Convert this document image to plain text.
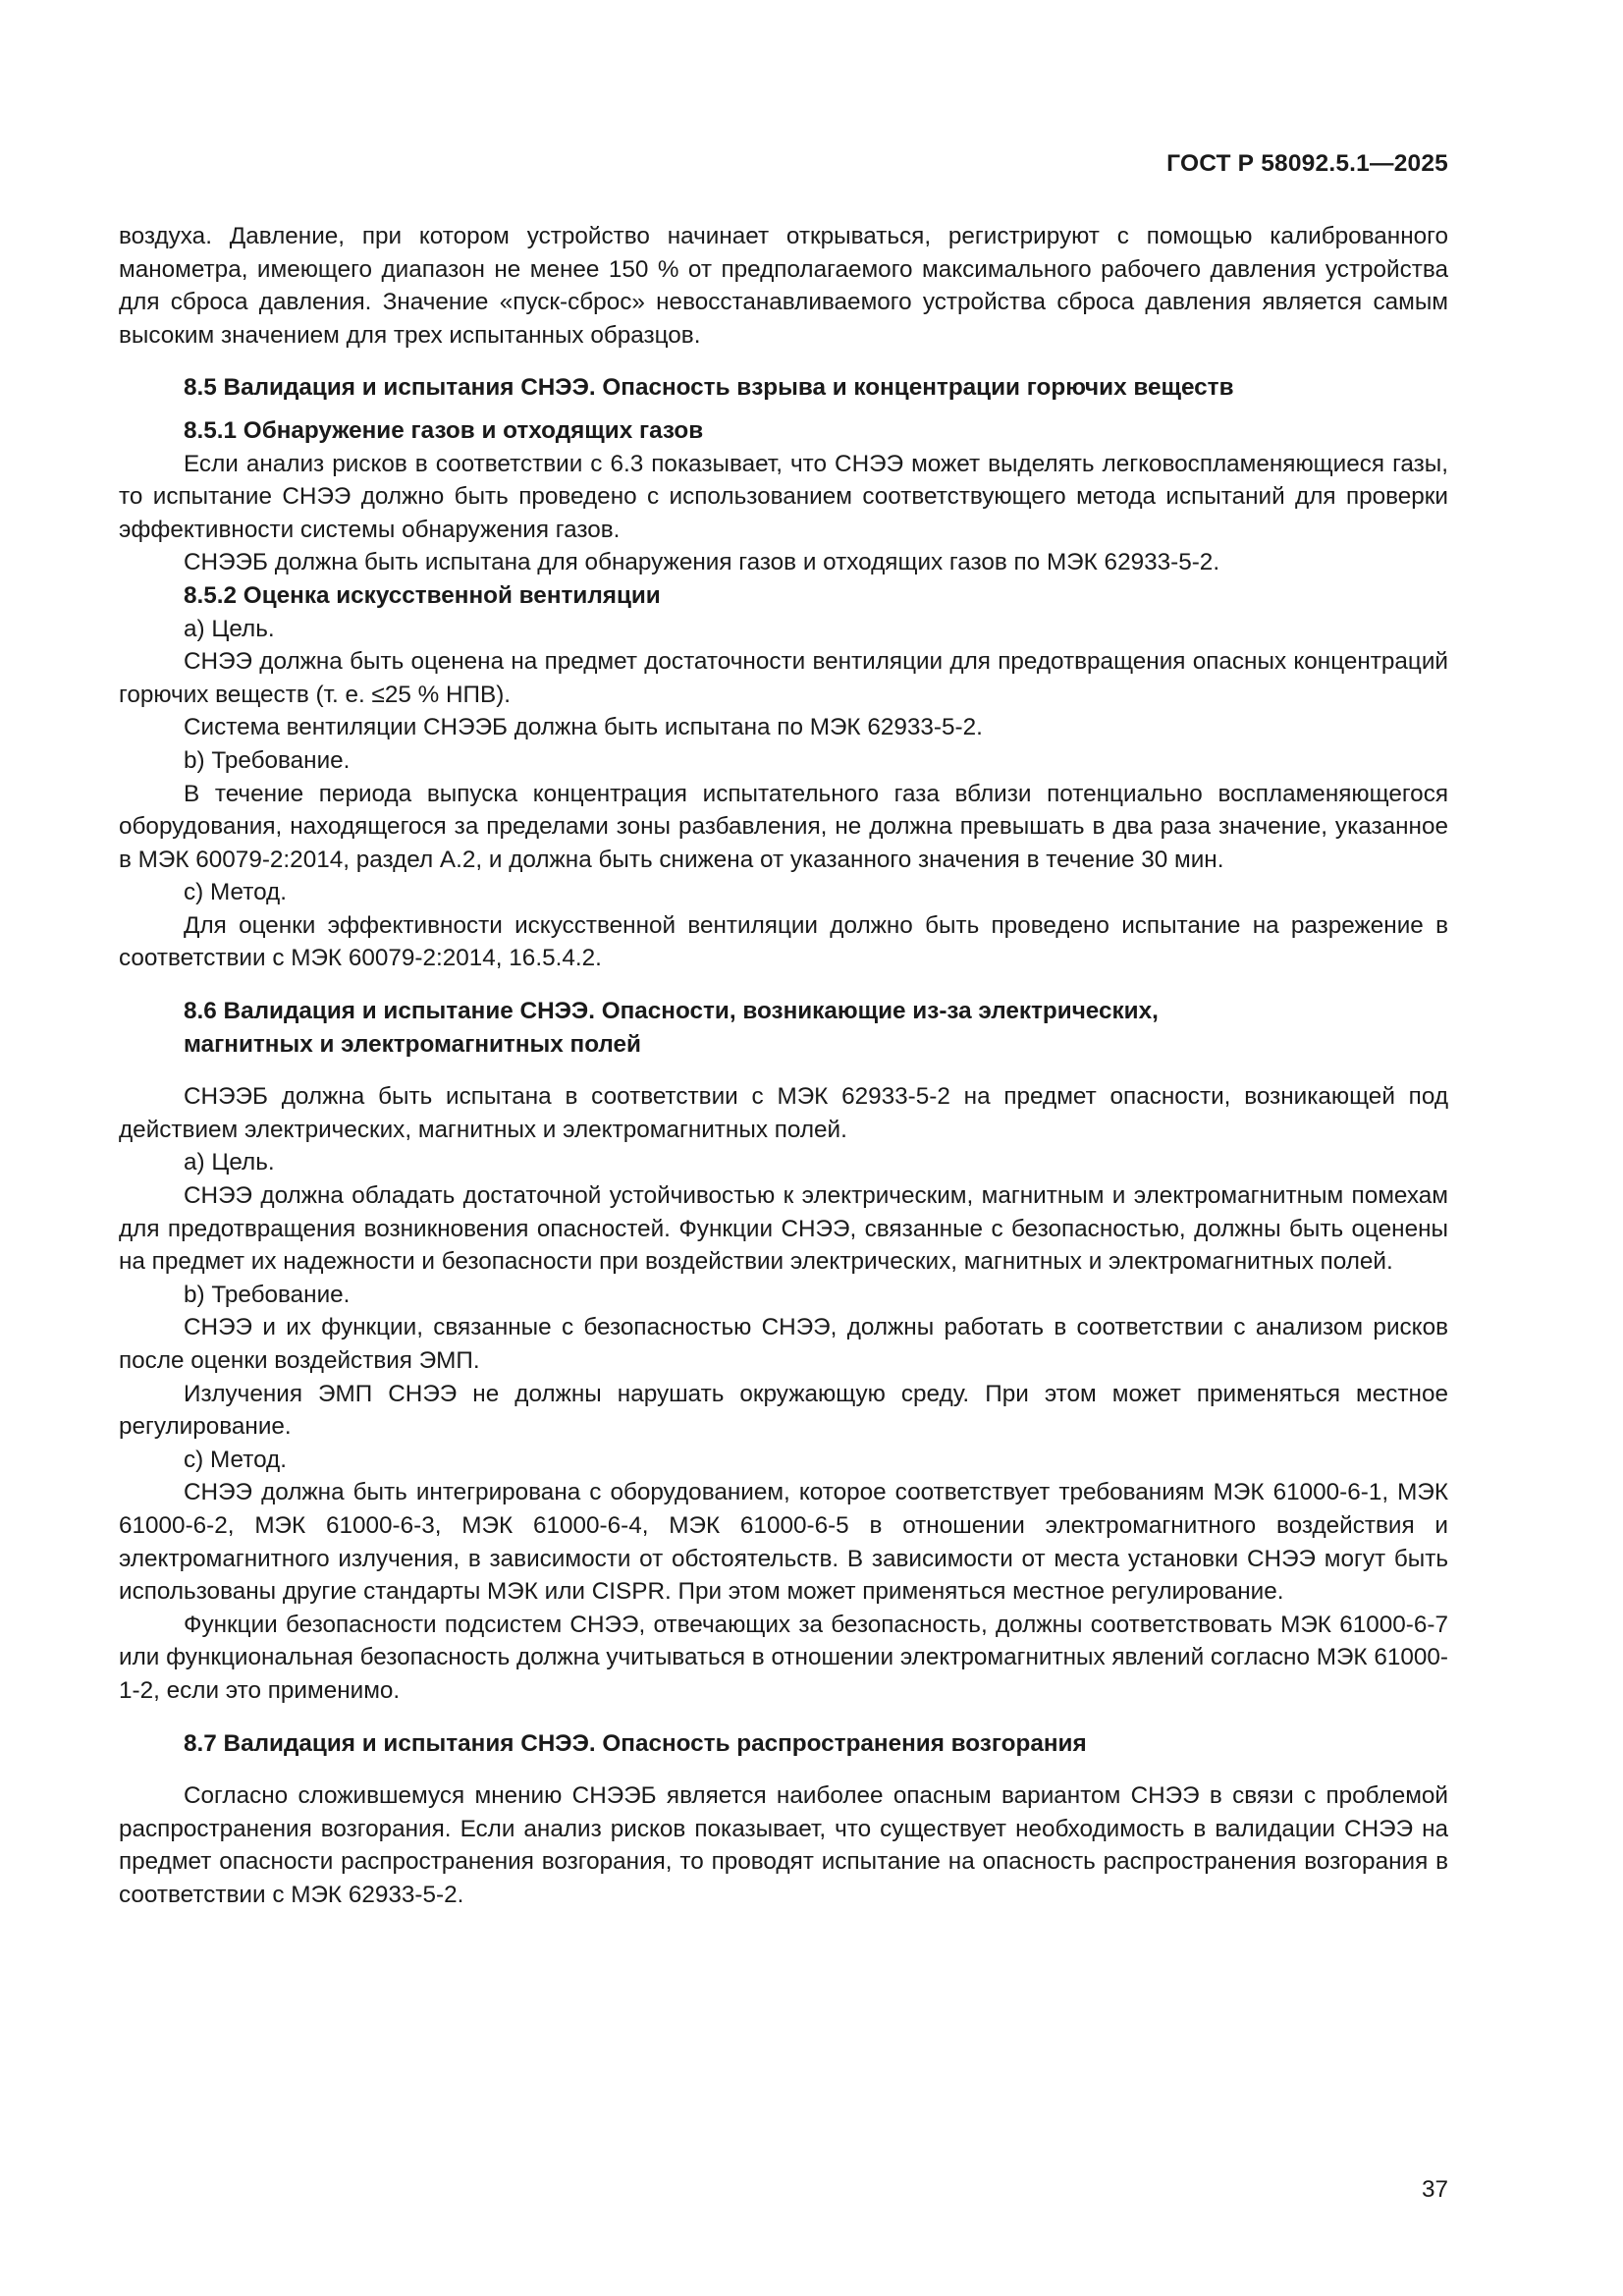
ГОСТ Р 58092.5.1—2025

воздуха. Давление, при котором устройство начинает открываться, регистрируют с помощью калиброванного манометра, имеющего диапазон не менее 150 % от предполагаемого максимального рабочего давления устройства для сброса давления. Значение «пуск-сброс» невосстанавливаемого устройства сброса давления является самым высоким значением для трех испытанных образцов.

8.5 Валидация и испытания СНЭЭ. Опасность взрыва и концентрации горючих веществ
8.5.1 Обнаружение газов и отходящих газов

Если анализ рисков в соответствии с 6.3 показывает, что СНЭЭ может выделять легковоспламеняющиеся газы, то испытание СНЭЭ должно быть проведено с использованием соответствующего метода испытаний для проверки эффективности системы обнаружения газов.

СНЭЭБ должна быть испытана для обнаружения газов и отходящих газов по МЭК 62933-5-2.

8.5.2 Оценка искусственной вентиляции

a) Цель.

СНЭЭ должна быть оценена на предмет достаточности вентиляции для предотвращения опасных концентраций горючих веществ (т. е. ≤25 % НПВ).

Система вентиляции СНЭЭБ должна быть испытана по МЭК 62933-5-2.

b) Требование.

В течение периода выпуска концентрация испытательного газа вблизи потенциально воспламеняющегося оборудования, находящегося за пределами зоны разбавления, не должна превышать в два раза значение, указанное в МЭК 60079-2:2014, раздел А.2, и должна быть снижена от указанного значения в течение 30 мин.

c) Метод.

Для оценки эффективности искусственной вентиляции должно быть проведено испытание на разрежение в соответствии с МЭК 60079-2:2014, 16.5.4.2.

8.6 Валидация и испытание СНЭЭ. Опасности, возникающие из-за электрических,
магнитных и электромагнитных полей

СНЭЭБ должна быть испытана в соответствии с МЭК 62933-5-2 на предмет опасности, возникающей под действием электрических, магнитных и электромагнитных полей.

a) Цель.

СНЭЭ должна обладать достаточной устойчивостью к электрическим, магнитным и электромагнитным помехам для предотвращения возникновения опасностей. Функции СНЭЭ, связанные с безопасностью, должны быть оценены на предмет их надежности и безопасности при воздействии электрических, магнитных и электромагнитных полей.

b) Требование.

СНЭЭ и их функции, связанные с безопасностью СНЭЭ, должны работать в соответствии с анализом рисков после оценки воздействия ЭМП.

Излучения ЭМП СНЭЭ не должны нарушать окружающую среду. При этом может применяться местное регулирование.

c) Метод.

СНЭЭ должна быть интегрирована с оборудованием, которое соответствует требованиям МЭК 61000-6-1, МЭК 61000-6-2, МЭК 61000-6-3, МЭК 61000-6-4, МЭК 61000-6-5 в отношении электромагнитного воздействия и электромагнитного излучения, в зависимости от обстоятельств. В зависимости от места установки СНЭЭ могут быть использованы другие стандарты МЭК или CISPR. При этом может применяться местное регулирование.

Функции безопасности подсистем СНЭЭ, отвечающих за безопасность, должны соответствовать МЭК 61000-6-7 или функциональная безопасность должна учитываться в отношении электромагнитных явлений согласно МЭК 61000-1-2, если это применимо.

8.7 Валидация и испытания СНЭЭ. Опасность распространения возгорания

Согласно сложившемуся мнению СНЭЭБ является наиболее опасным вариантом СНЭЭ в связи с проблемой распространения возгорания. Если анализ рисков показывает, что существует необходимость в валидации СНЭЭ на предмет опасности распространения возгорания, то проводят испытание на опасность распространения возгорания в соответствии с МЭК 62933-5-2.

37
